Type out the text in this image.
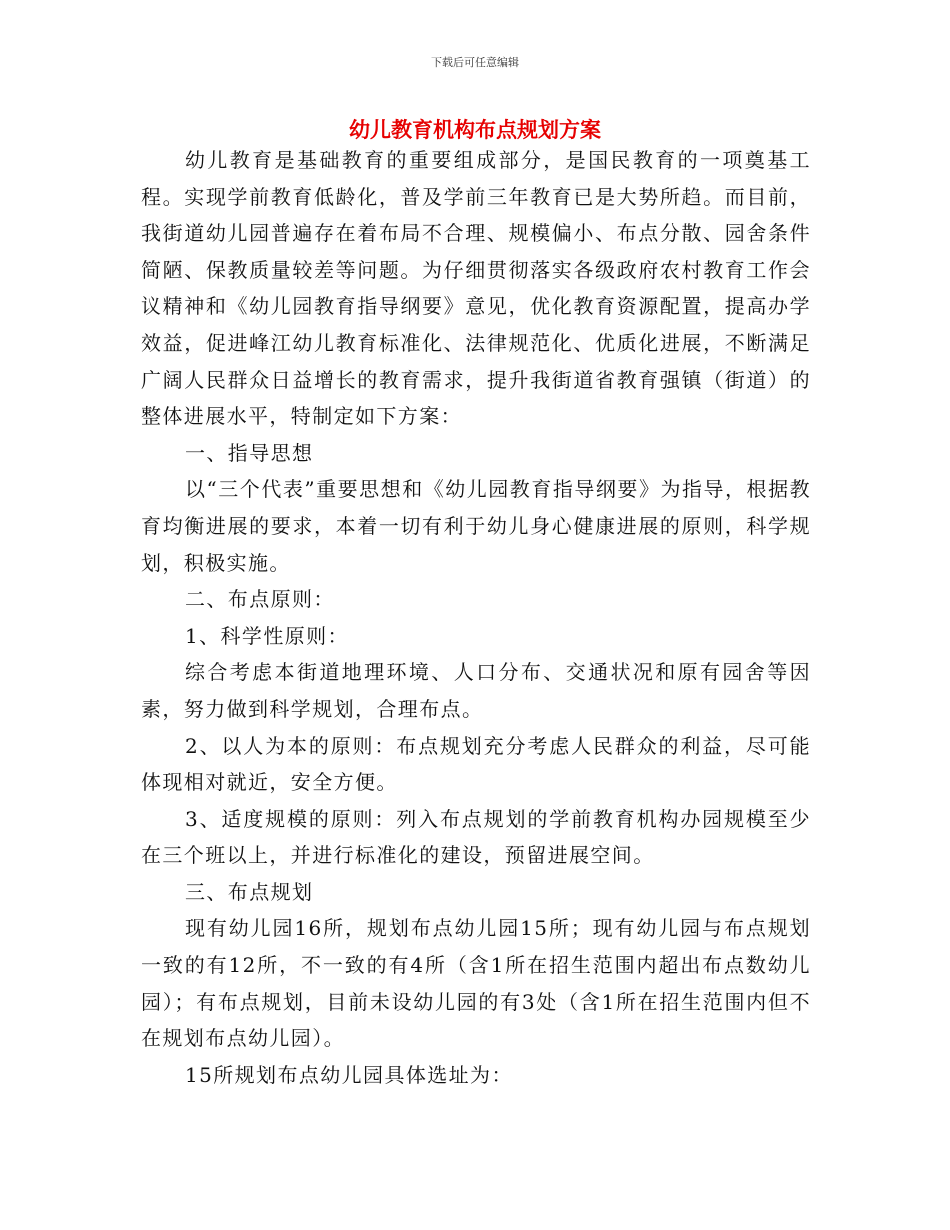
下载后可任意编辑
幼儿教育机构布点规划方案

幼儿教育是基础教育的重要组成部分，是国民教育的一项奠基工程。实现学前教育低龄化，普及学前三年教育已是大势所趋。而目前，我街道幼儿园普遍存在着布局不合理、规模偏小、布点分散、园舍条件简陋、保教质量较差等问题。为仔细贯彻落实各级政府农村教育工作会议精神和《幼儿园教育指导纲要》意见，优化教育资源配置，提高办学效益，促进峰江幼儿教育标准化、法律规范化、优质化进展，不断满足广阔人民群众日益增长的教育需求，提升我街道省教育强镇（街道）的整体进展水平，特制定如下方案：

一、指导思想

以“三个代表”重要思想和《幼儿园教育指导纲要》为指导，根据教育均衡进展的要求，本着一切有利于幼儿身心健康进展的原则，科学规划，积极实施。

二、布点原则：

1、科学性原则：

综合考虑本街道地理环境、人口分布、交通状况和原有园舍等因素，努力做到科学规划，合理布点。

2、以人为本的原则：布点规划充分考虑人民群众的利益，尽可能体现相对就近，安全方便。

3、适度规模的原则：列入布点规划的学前教育机构办园规模至少在三个班以上，并进行标准化的建设，预留进展空间。

三、布点规划

现有幼儿园16所，规划布点幼儿园15所；现有幼儿园与布点规划一致的有12所，不一致的有4所（含1所在招生范围内超出布点数幼儿园）；有布点规划，目前未设幼儿园的有3处（含1所在招生范围内但不在规划布点幼儿园）。

15所规划布点幼儿园具体选址为：
